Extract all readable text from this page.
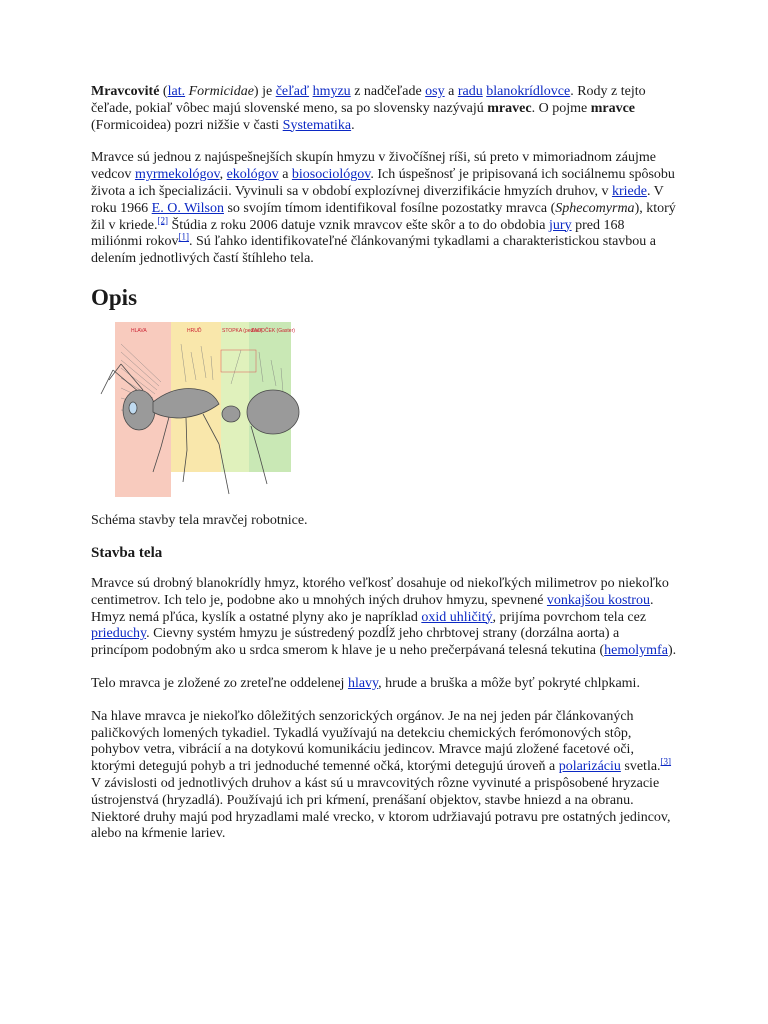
Mravcovité (lat. Formicidae) je čeľaď hmyzu z nadčeľade osy a radu blanokrídlovce. Rody z tejto čeľade, pokiaľ vôbec majú slovenské meno, sa po slovensky nazývajú mravec. O pojme mravce (Formicoidea) pozri nižšie v časti Systematika.

Mravce sú jednou z najúspešnejších skupín hmyzu v živočíšnej ríši, sú preto v mimoriadnom záujme vedcov myrmekológov, ekológov a biosociológov. Ich úspešnosť je pripisovaná ich sociálnemu spôsobu života a ich špecializácii. Vyvinuli sa v období explozívnej diverzifikácie hmyzích druhov, v kriede. V roku 1966 E. O. Wilson so svojím tímom identifikoval fosílne pozostatky mravca (Sphecomyrma), ktorý žil v kriede.[2] Štúdia z roku 2006 datuje vznik mravcov ešte skôr a to do obdobia jury pred 168 miliónmi rokov[1]. Sú ľahko identifikovateľné článkovanými tykadlami a charakteristickou stavbou a delením jednotlivých častí štíhleho tela.

Opis
HLAVA	HRUĎ	STOPKA (pedicel)
ZADOČEK (Gaster)
Schéma stavby tela mravčej robotnice.
Stavba tela

Mravce sú drobný blanokrídly hmyz, ktorého veľkosť dosahuje od niekoľkých milimetrov po niekoľko centimetrov. Ich telo je, podobne ako u mnohých iných druhov hmyzu, spevnené vonkajšou kostrou. Hmyz nemá pľúca, kyslík a ostatné plyny ako je napríklad oxid uhličitý, prijíma povrchom tela cez prieduchy. Cievny systém hmyzu je sústredený pozdĺž jeho chrbtovej strany (dorzálna aorta) a princípom podobným ako u srdca smerom k hlave je u neho prečerpávaná telesná tekutina (hemolymfa).

Telo mravca je zložené zo zreteľne oddelenej hlavy, hrude a bruška a môže byť pokryté chlpkami.

Na hlave mravca je niekoľko dôležitých senzorických orgánov. Je na nej jeden pár článkovaných paličkových lomených tykadiel. Tykadlá využívajú na detekciu chemických ferómonových stôp, pohybov vetra, vibrácií a na dotykovú komunikáciu jedincov. Mravce majú zložené facetové oči, ktorými detegujú pohyb a tri jednoduché temenné očká, ktorými detegujú úroveň a polarizáciu svetla.[3] V závislosti od jednotlivých druhov a kást sú u mravcovitých rôzne vyvinuté a prispôsobené hryzacie ústrojenstvá (hryzadlá). Používajú ich pri kŕmení, prenášaní objektov, stavbe hniezd a na obranu. Niektoré druhy majú pod hryzadlami malé vrecko, v ktorom udržiavajú potravu pre ostatných jedincov, alebo na kŕmenie lariev.
